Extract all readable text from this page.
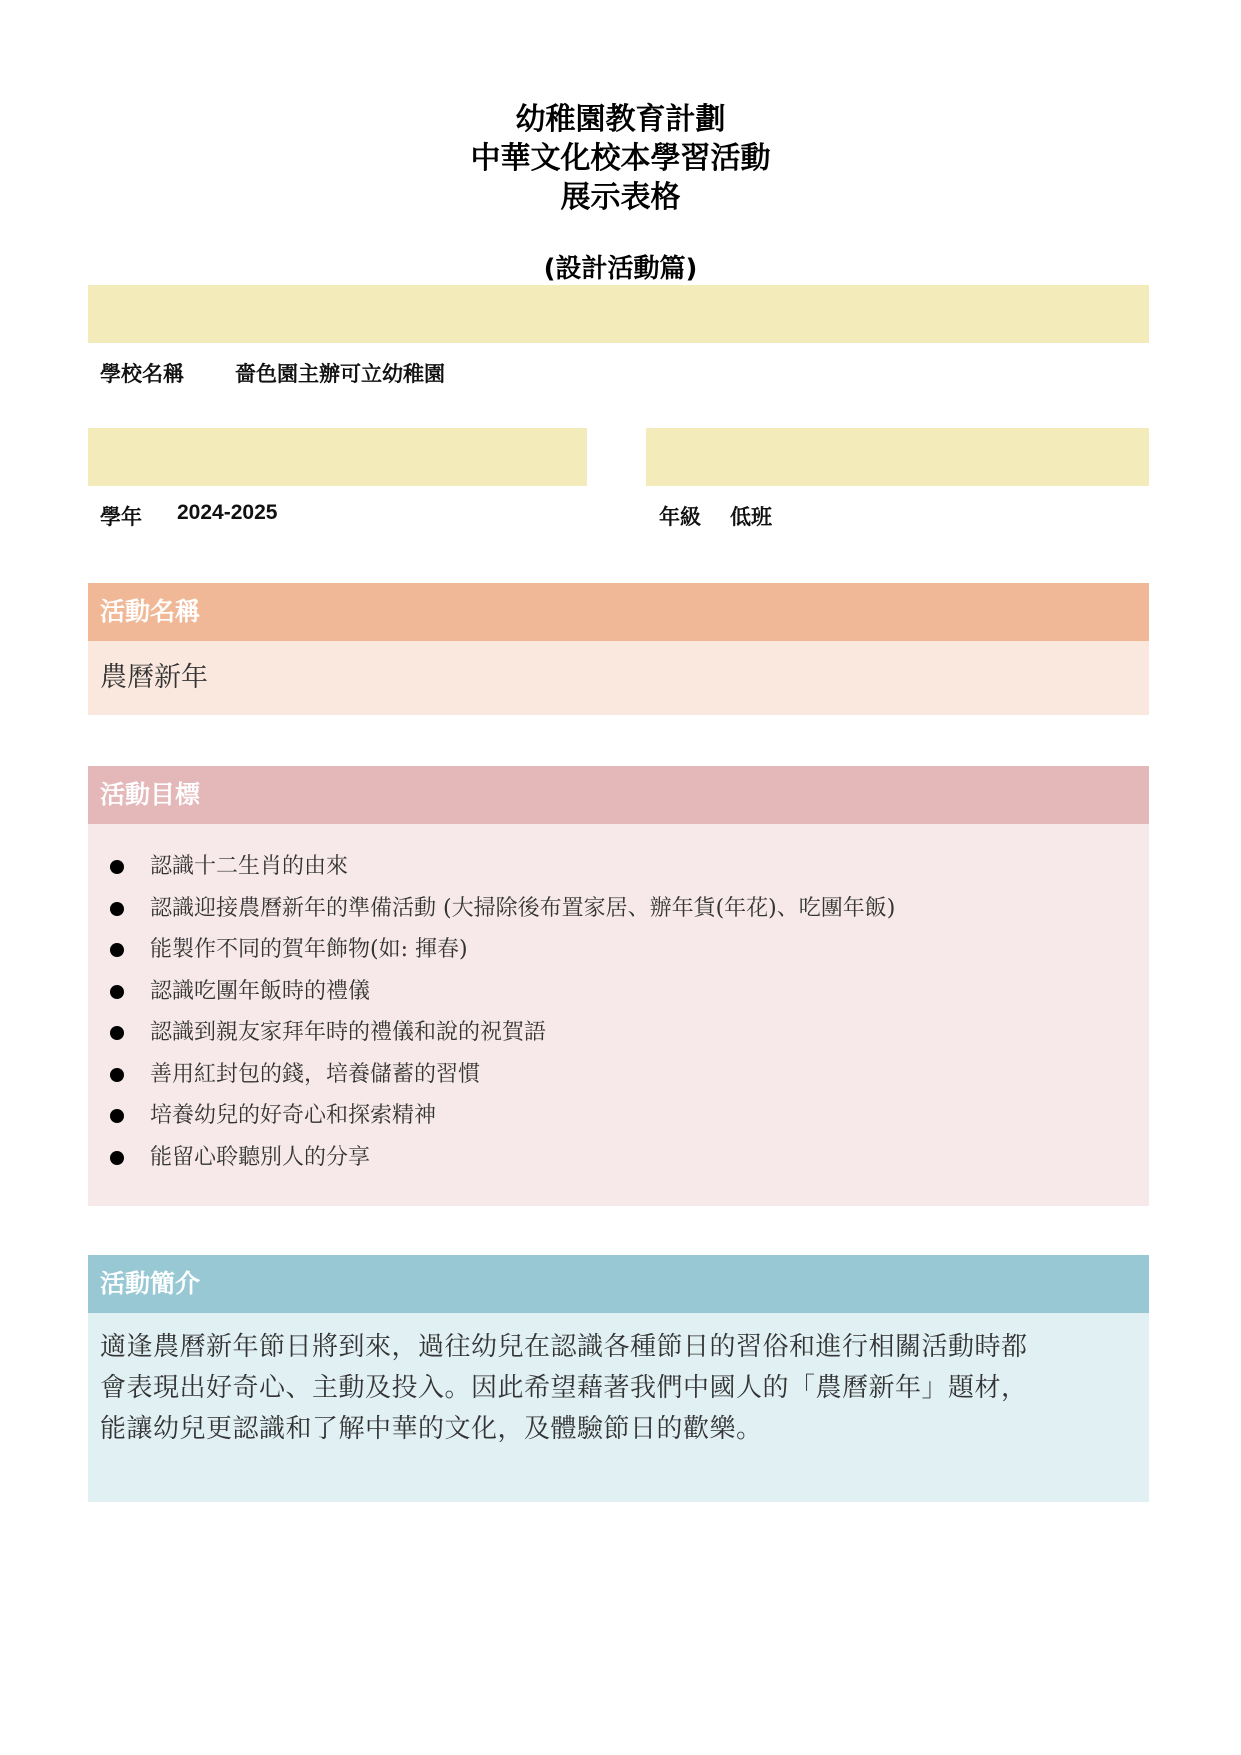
幼稚園教育計劃
中華文化校本學習活動
展示表格
(設計活動篇)
學校名稱 嗇色園主辦可立幼稚園
學年 2024-2025	年級 低班
活動名稱
農曆新年
活動目標
認識十二生肖的由來
認識迎接農曆新年的準備活動 (大掃除後布置家居、辦年貨(年花)、吃團年飯)
能製作不同的賀年飾物(如: 揮春)
認識吃團年飯時的禮儀
認識到親友家拜年時的禮儀和說的祝賀語
善用紅封包的錢，培養儲蓄的習慣
培養幼兒的好奇心和探索精神
能留心聆聽別人的分享
活動簡介
適逢農曆新年節日將到來，過往幼兒在認識各種節日的習俗和進行相關活動時都
會表現出好奇心、主動及投入。因此希望藉著我們中國人的「農曆新年」題材，
能讓幼兒更認識和了解中華的文化，及體驗節日的歡樂。
